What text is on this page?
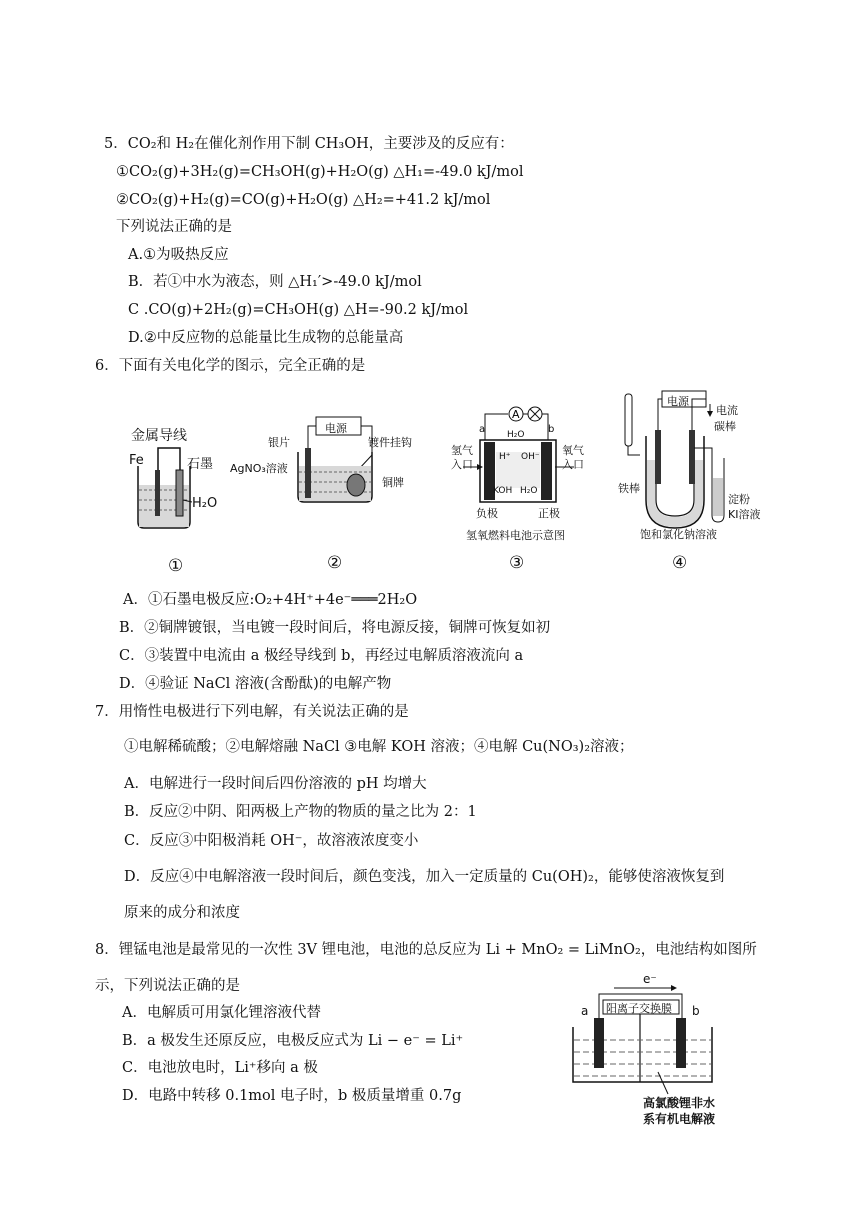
5．CO₂和 H₂在催化剂作用下制 CH₃OH，主要涉及的反应有：
①CO₂(g)+3H₂(g)=CH₃OH(g)+H₂O(g) △H₁=-49.0 kJ/mol
②CO₂(g)+H₂(g)=CO(g)+H₂O(g) △H₂=+41.2 kJ/mol
下列说法正确的是
A.①为吸热反应
B．若①中水为液态，则 △H₁′>-49.0 kJ/mol
C .CO(g)+2H₂(g)=CH₃OH(g) △H=-90.2 kJ/mol
D.②中反应物的总能量比生成物的总能量高
6．下面有关电化学的图示，完全正确的是
金属导线
Fe	石墨
H₂O
①
电源
银片	镀件挂钩
AgNO₃溶液
铜牌
②
A
a	b
H₂O
H⁺ OH⁻
KOH H₂O
氢气
入口
氧气
入口
负极	正极
氢氧燃料电池示意图
③
电源
电流
碳棒
铁棒
淀粉
KI溶液
饱和氯化钠溶液
④
A．①石墨电极反应:O₂+4H⁺+4e⁻═══2H₂O
B．②铜牌镀银，当电镀一段时间后，将电源反接，铜牌可恢复如初
C．③装置中电流由 a 极经导线到 b，再经过电解质溶液流向 a
D．④验证 NaCl 溶液(含酚酞)的电解产物
7．用惰性电极进行下列电解，有关说法正确的是
①电解稀硫酸；②电解熔融 NaCl ③电解 KOH 溶液；④电解 Cu(NO₃)₂溶液；
A．电解进行一段时间后四份溶液的 pH 均增大
B．反应②中阴、阳两极上产物的物质的量之比为 2：1
C．反应③中阳极消耗 OH⁻，故溶液浓度变小
D．反应④中电解溶液一段时间后，颜色变浅，加入一定质量的 Cu(OH)₂，能够使溶液恢复到
原来的成分和浓度
8．锂锰电池是最常见的一次性 3V 锂电池，电池的总反应为 Li + MnO₂ = LiMnO₂，电池结构如图所
示，下列说法正确的是
A．电解质可用氯化锂溶液代替
B．a 极发生还原反应，电极反应式为 Li − e⁻ = Li⁺
C．电池放电时，Li⁺移向 a 极
D．电路中转移 0.1mol 电子时，b 极质量增重 0.7g
e⁻
阳离子交换膜
a	b
高氯酸锂非水
系有机电解液
